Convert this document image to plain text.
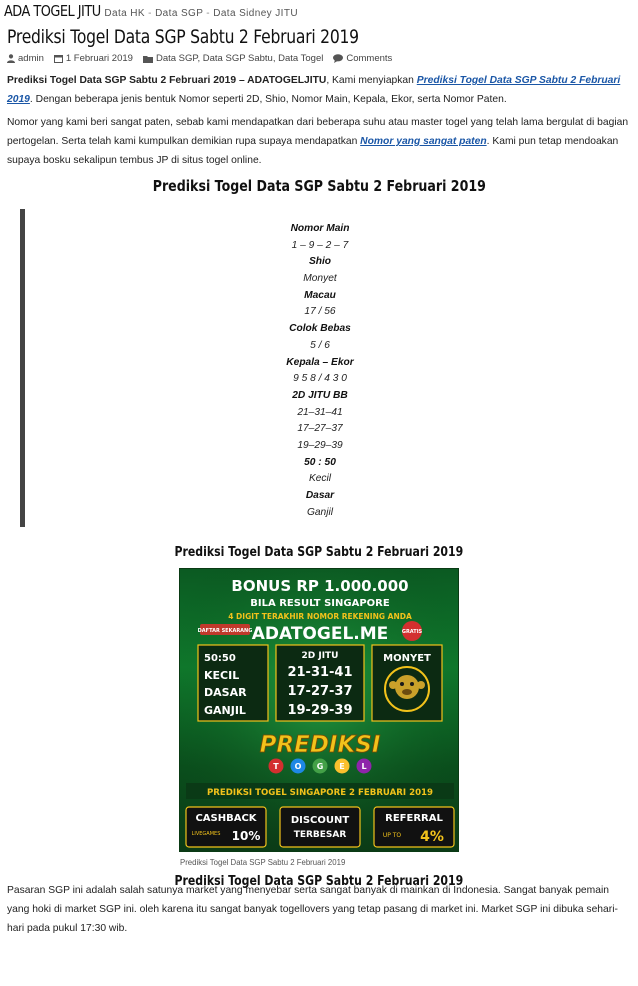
ADA TOGEL JITU Data HK - Data SGP - Data Sidney JITU
Prediksi Togel Data SGP Sabtu 2 Februari 2019
admin 1 Februari 2019 Data SGP, Data SGP Sabtu, Data Togel Comments

Prediksi Togel Data SGP Sabtu 2 Februari 2019 – ADATOGELJITU, Kami menyiapkan Prediksi Togel Data SGP Sabtu 2 Februari 2019. Dengan beberapa jenis bentuk Nomor seperti 2D, Shio, Nomor Main, Kepala, Ekor, serta Nomor Paten.

Nomor yang kami beri sangat paten, sebab kami mendapatkan dari beberapa suhu atau master togel yang telah lama bergulat di bagian pertogelan. Serta telah kami kumpulkan demikian rupa supaya mendapatkan Nomor yang sangat paten. Kami pun tetap mendoakan supaya bosku sekalipun tembus JP di situs togel online.

Prediksi Togel Data SGP Sabtu 2 Februari 2019
Nomor Main
1 – 9 – 2 – 7
Shio
Monyet
Macau
17 / 56
Colok Bebas
5 / 6
Kepala – Ekor
9 5 8 / 4 3 0
2D JITU BB
21–31–41
17–27–37
19–29–39
50 : 50
Kecil
Dasar
Ganjil
Prediksi Togel Data SGP Sabtu 2 Februari 2019
BONUS RP 1.000.000
BILA RESULT SINGAPORE
4 DIGIT TERAKHIR NOMOR REKENING ANDA
DAFTAR SEKARANG ADATOGEL.ME	GRATIS
50:50
KECIL
DASAR
GANJIL
2D JITU
21-31-41
17-27-37
19-29-39
MONYET
PREDIKSI
T O G E L
PREDIKSI TOGEL SINGAPORE 2 FEBRUARI 2019
CASHBACK
LIVEGAMES 10%
DISCOUNT
TERBESAR
REFERRAL
UP TO 4%
Prediksi Togel Data SGP Sabtu 2 Februari 2019
Prediksi Togel Data SGP Sabtu 2 Februari 2019

Pasaran SGP ini adalah salah satunya market yang menyebar serta sangat banyak di mainkan di Indonesia. Sangat banyak pemain yang hoki di market SGP ini. oleh karena itu sangat banyak togellovers yang tetap pasang di market ini. Market SGP ini dibuka sehari-hari pada pukul 17:30 wib.
